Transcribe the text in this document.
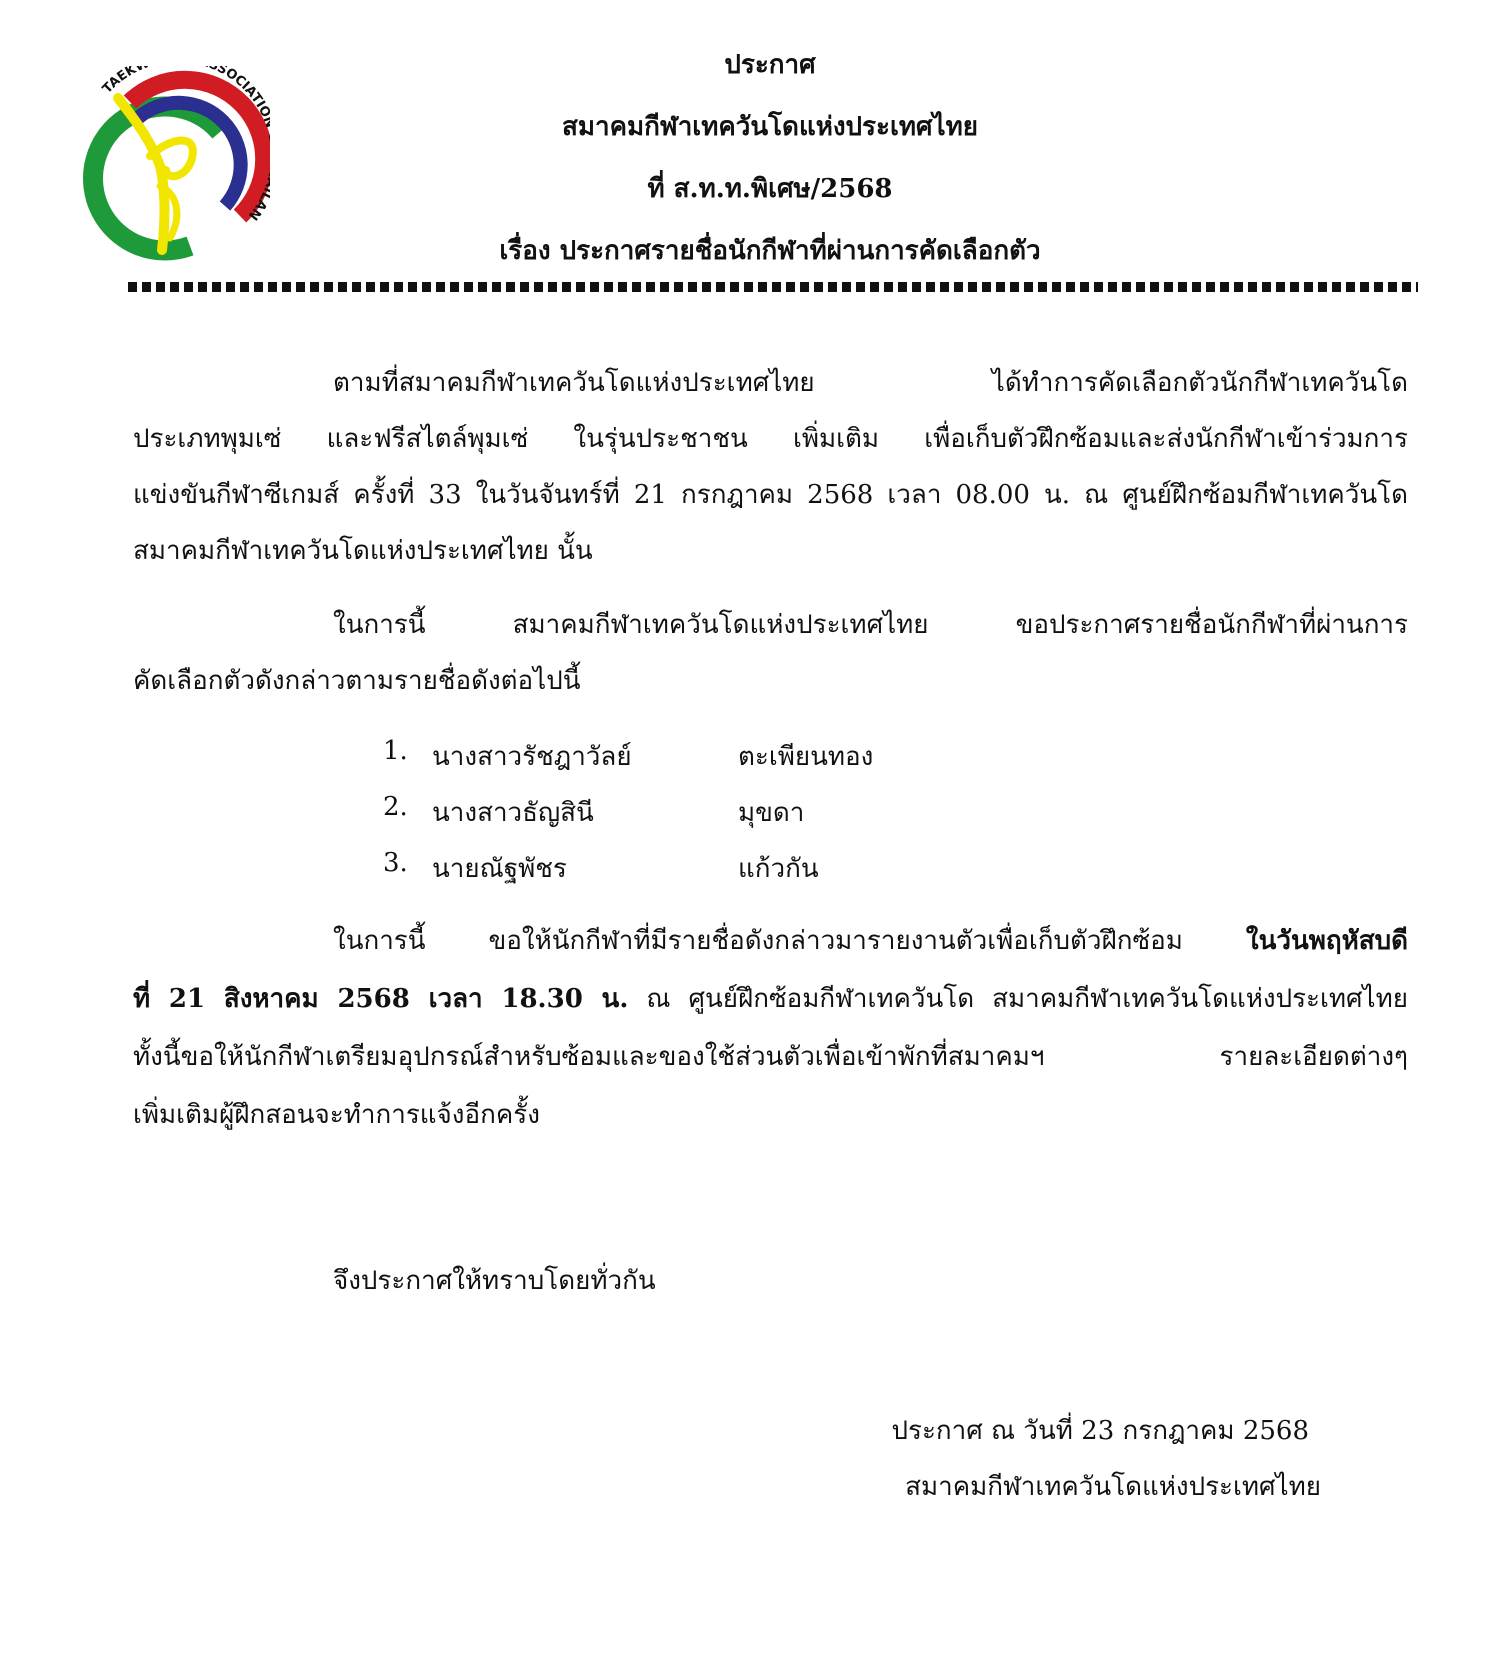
TAEK SOCIATI AN
ประกาศ
สมาคมกีฬาเทควันโดแห่งประเทศไทย
ที่ ส.ท.ท.พิเศษ/2568
เรื่อง ประกาศรายชื่อนักกีฬาที่ผ่านการคัดเลือกตัว
ตามที่สมาคมกีฬาเทควันโดแห่งประเทศไทย ได้ทำการคัดเลือกตัวนักกีฬาเทควันโด
ประเภทพุมเซ่ และฟรีสไตล์พุมเซ่ ในรุ่นประชาชน เพิ่มเติม เพื่อเก็บตัวฝึกซ้อมและส่งนักกีฬาเข้าร่วมการ
แข่งขันกีฬาซีเกมส์ ครั้งที่ 33 ในวันจันทร์ที่ 21 กรกฎาคม 2568 เวลา 08.00 น. ณ ศูนย์ฝึกซ้อมกีฬาเทควันโด
สมาคมกีฬาเทควันโดแห่งประเทศไทย นั้น
ในการนี้ สมาคมกีฬาเทควันโดแห่งประเทศไทย ขอประกาศรายชื่อนักกีฬาที่ผ่านการ
คัดเลือกตัวดังกล่าวตามรายชื่อดังต่อไปนี้
1. นางสาวรัชฎาวัลย์	ตะเพียนทอง
2. นางสาวธัญสินี	มุขดา
3. นายณัฐพัชร	แก้วกัน
ในการนี้ ขอให้นักกีฬาที่มีรายชื่อดังกล่าวมารายงานตัวเพื่อเก็บตัวฝึกซ้อม ในวันพฤหัสบดี
ที่ 21 สิงหาคม 2568 เวลา 18.30 น. ณ ศูนย์ฝึกซ้อมกีฬาเทควันโด สมาคมกีฬาเทควันโดแห่งประเทศไทย
ทั้งนี้ขอให้นักกีฬาเตรียมอุปกรณ์สำหรับซ้อมและของใช้ส่วนตัวเพื่อเข้าพักที่สมาคมฯ รายละเอียดต่างๆ
เพิ่มเติมผู้ฝึกสอนจะทำการแจ้งอีกครั้ง
จึงประกาศให้ทราบโดยทั่วกัน
ประกาศ ณ วันที่ 23 กรกฎาคม 2568
สมาคมกีฬาเทควันโดแห่งประเทศไทย
